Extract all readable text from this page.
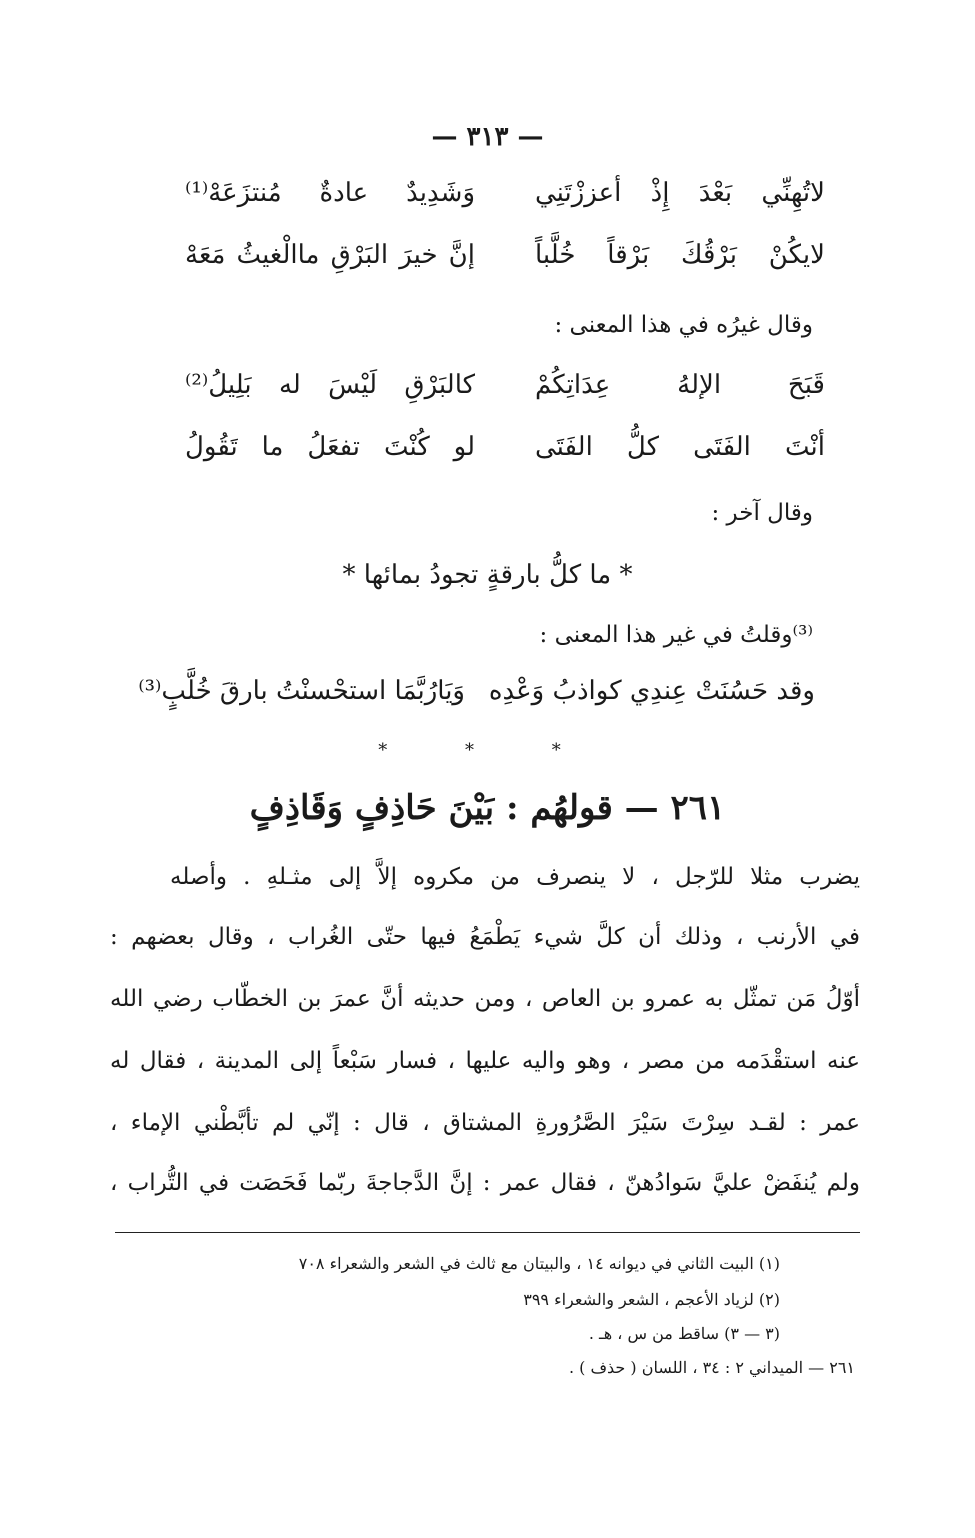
— ٣١٣ —
لاتُهِنِّي بَعْدَ إِذْ أعززْتَنِي
وَشَدِيدٌ عادةٌ مُنتزَعَهْ⁽¹⁾
لايكُنْ بَرْقُكَ بَرْقاً خُلَّباً
إنَّ خيرَ البَرْقِ ماالْغيثُ مَعَهْ
وقال غيرُه في هذا المعنى :
قَبَحَ الإلهُ عِدَاتِكُمْ
كالبَرْقِ لَيْسَ له بَلِيلُ⁽²⁾
أنْتَ الفَتَى كلُّ الفَتَى
لو كُنْتَ تفعَلُ ما تَقُولُ
وقال آخر :
* ما كلُّ بارقةٍ تجودُ بمائها *
⁽³⁾وقلتُ في غير هذا المعنى :
وقد حَسُنَتْ عِندِي كواذبُ وَعْدِه
وَيَارُبَّمَا استحْسنْتُ بارقَ خُلَّبٍ⁽³⁾
* * *
٢٦١ — قولهُم : بَيْنَ حَاذِفٍ وَقَاذِفٍ
يضرب مثلا للرّجل ، لا ينصرف من مكروه إلاَّ إلى مثـلهِ . وأصله
في الأرنب ، وذلك أن كلَّ شيء يَطْمَعُ فيها حتّى الغُراب ، وقال بعضهم :
أوّلُ مَن تمثّل به عمرو بن العاص ، ومن حديثه أنَّ عمرَ بن الخطّاب رضي الله
عنه استقْدَمه من مصر ، وهو واليه عليها ، فسار سَبْعاً إلى المدينة ، فقال له
عمر : لقـد سِرْتَ سَيْرَ الصَّرُورةِ المشتاق ، قال : إنّي لم تأبَّطْني الإماء ،
ولم يُنفَضْ عليَّ سَوادُهنّ ، فقال عمر : إنَّ الدَّجاجةَ ربّما فَحَصَت في التُّراب ،
(١) البيت الثاني في ديوانه ١٤ ، والبيتان مع ثالث في الشعر والشعراء ٧٠٨
(٢) لزياد الأعجم ، الشعر والشعراء ٣٩٩
(٣ — ٣) ساقط من س ، هـ .
٢٦١ — الميداني ٢ : ٣٤ ، اللسان ( حذف ) .
